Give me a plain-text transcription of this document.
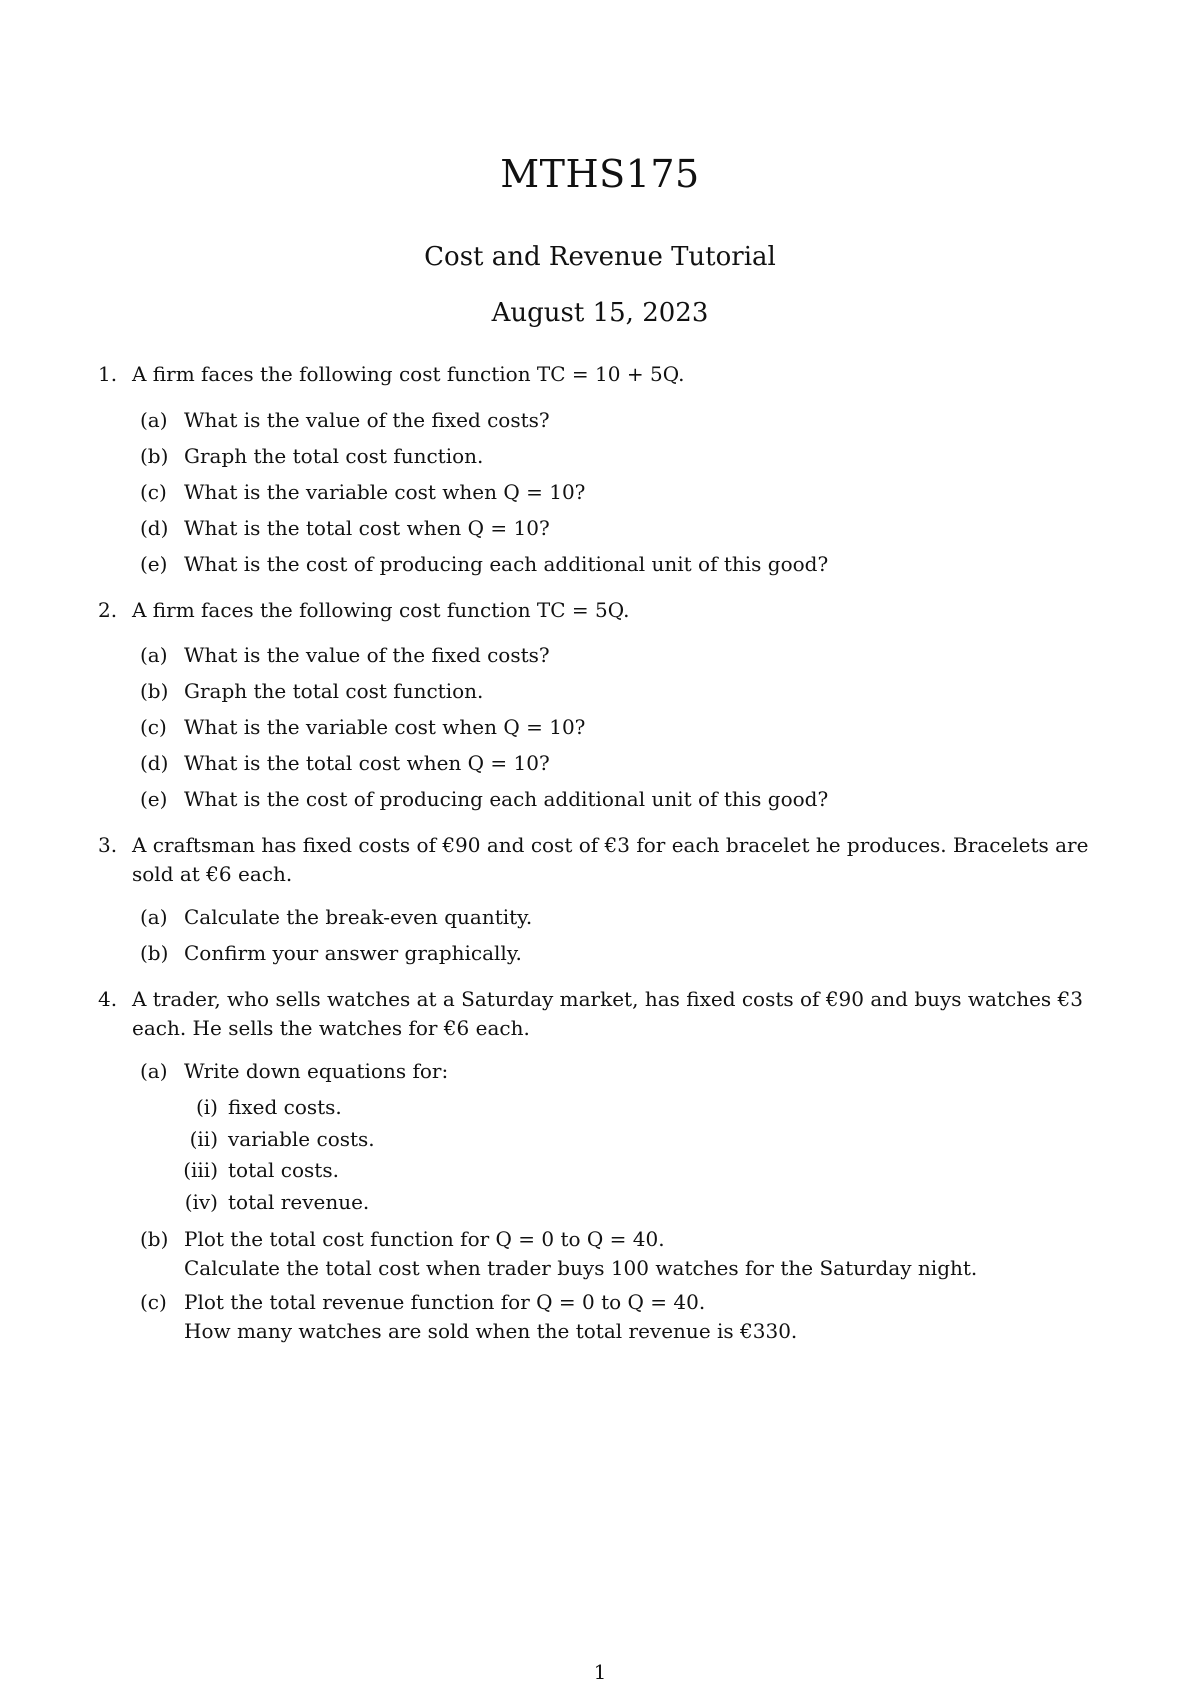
MTHS175
Cost and Revenue Tutorial
August 15, 2023
1. A firm faces the following cost function TC = 10 + 5Q.
(a) What is the value of the fixed costs?
(b) Graph the total cost function.
(c) What is the variable cost when Q = 10?
(d) What is the total cost when Q = 10?
(e) What is the cost of producing each additional unit of this good?
2. A firm faces the following cost function TC = 5Q.
(a) What is the value of the fixed costs?
(b) Graph the total cost function.
(c) What is the variable cost when Q = 10?
(d) What is the total cost when Q = 10?
(e) What is the cost of producing each additional unit of this good?
3. A craftsman has fixed costs of €90 and cost of €3 for each bracelet he produces. Bracelets are sold at €6 each.
(a) Calculate the break-even quantity.
(b) Confirm your answer graphically.
4. A trader, who sells watches at a Saturday market, has fixed costs of €90 and buys watches €3 each. He sells the watches for €6 each.
(a) Write down equations for:
(i) fixed costs.
(ii) variable costs.
(iii) total costs.
(iv) total revenue.
(b) Plot the total cost function for Q = 0 to Q = 40.
Calculate the total cost when trader buys 100 watches for the Saturday night.
(c) Plot the total revenue function for Q = 0 to Q = 40.
How many watches are sold when the total revenue is €330.
1
